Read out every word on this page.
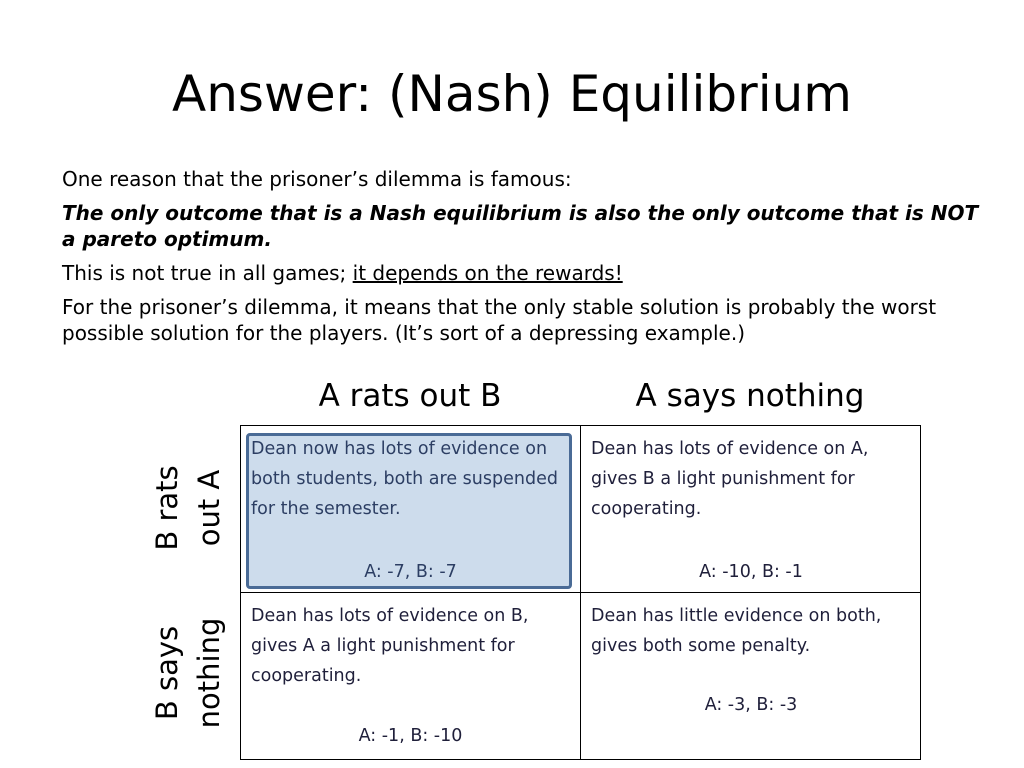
Answer: (Nash) Equilibrium
One reason that the prisoner’s dilemma is famous:
The only outcome that is a Nash equilibrium is also the only outcome that is NOT a pareto optimum.
This is not true in all games; it depends on the rewards!
For the prisoner’s dilemma, it means that the only stable solution is probably the worst possible solution for the players. (It’s sort of a depressing example.)
A rats out B	A says nothing
B rats out A
B says nothing
Dean now has lots of evidence on both students, both are suspended for the semester.
A: -7, B: -7
Dean has lots of evidence on A, gives B a light punishment for cooperating.
A: -10, B: -1
Dean has lots of evidence on B, gives A a light punishment for cooperating.
A: -1, B: -10
Dean has little evidence on both, gives both some penalty.
A: -3, B: -3
